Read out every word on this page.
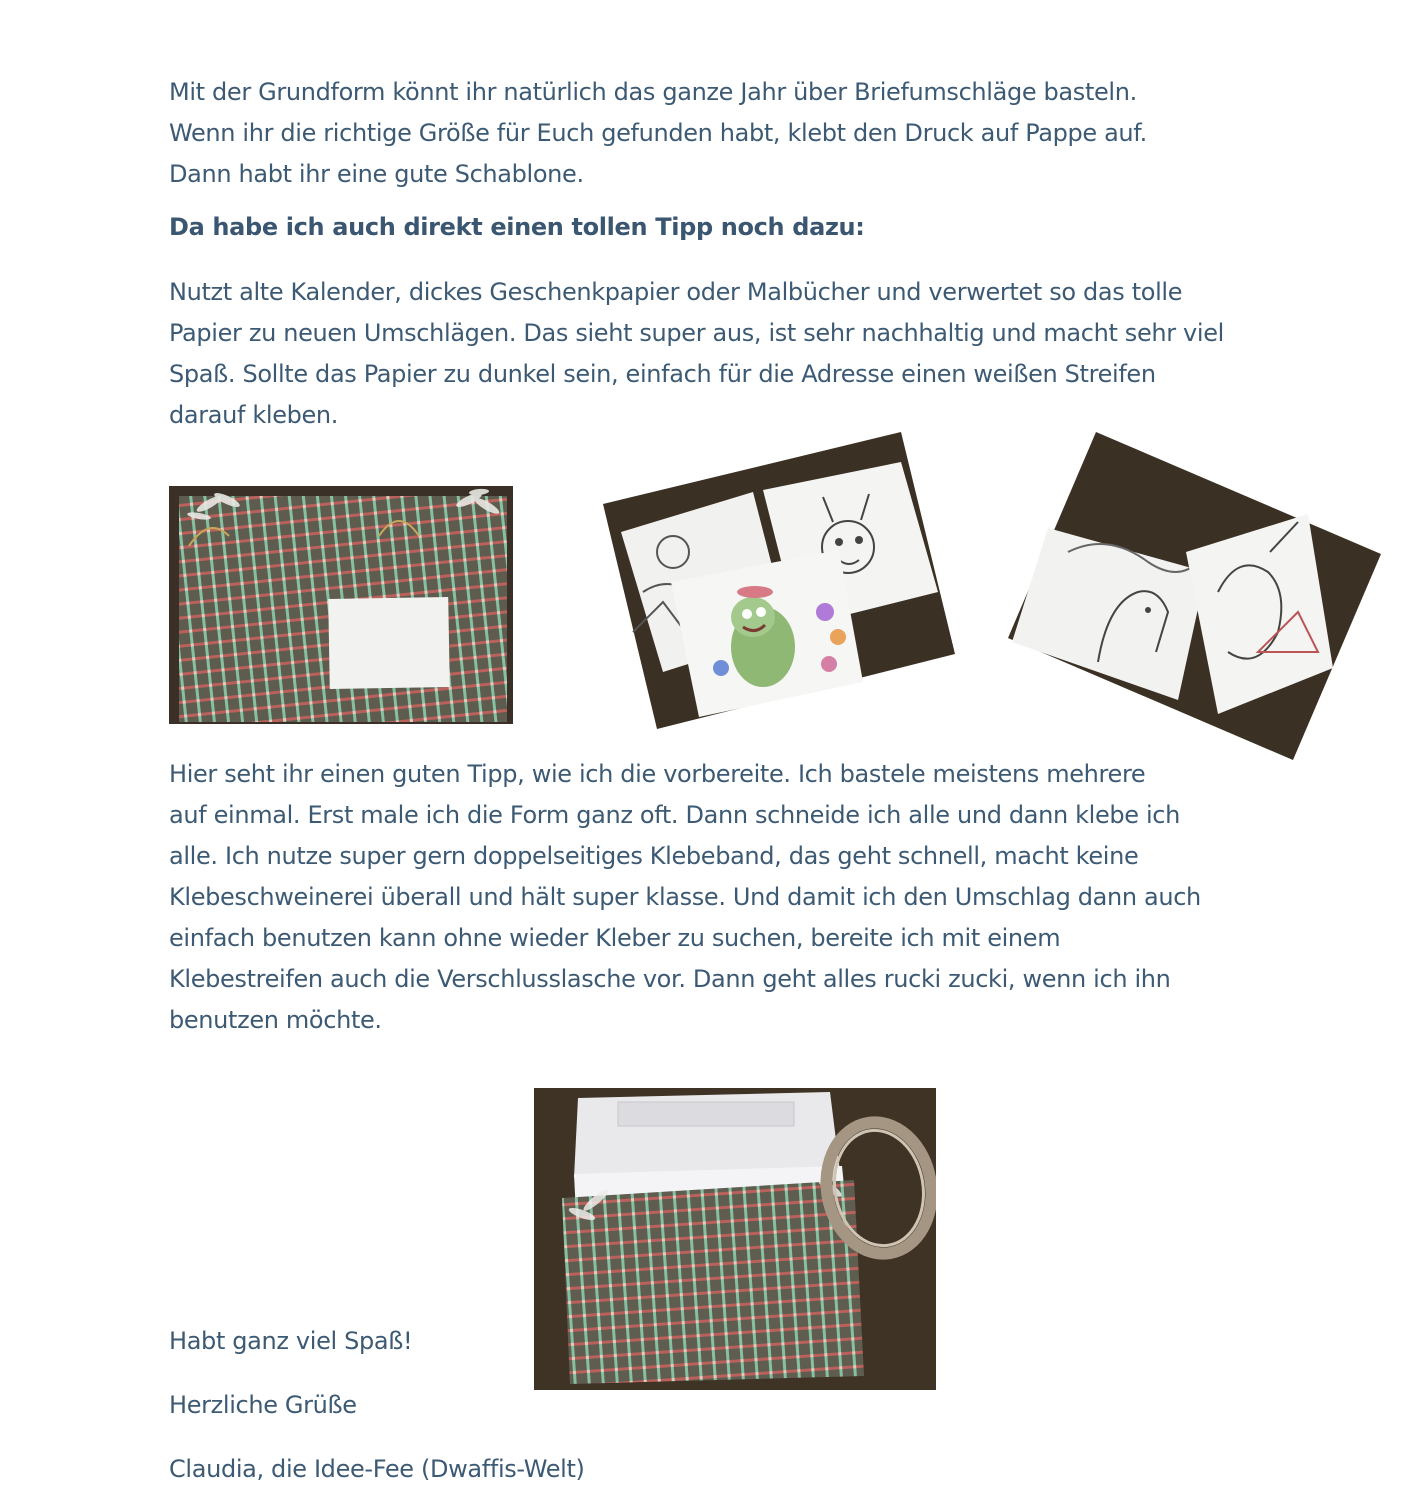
Mit der Grundform könnt ihr natürlich das ganze Jahr über Briefumschläge basteln.
Wenn ihr die richtige Größe für Euch gefunden habt, klebt den Druck auf Pappe auf.
Dann habt ihr eine gute Schablone.

Da habe ich auch direkt einen tollen Tipp noch dazu:

Nutzt alte Kalender, dickes Geschenkpapier oder Malbücher und verwertet so das tolle
Papier zu neuen Umschlägen. Das sieht super aus, ist sehr nachhaltig und macht sehr viel
Spaß. Sollte das Papier zu dunkel sein, einfach für die Adresse einen weißen Streifen
darauf kleben.

Hier seht ihr einen guten Tipp, wie ich die vorbereite. Ich bastele meistens mehrere
auf einmal. Erst male ich die Form ganz oft. Dann schneide ich alle und dann klebe ich
alle. Ich nutze super gern doppelseitiges Klebeband, das geht schnell, macht keine
Klebeschweinerei überall und hält super klasse. Und damit ich den Umschlag dann auch
einfach benutzen kann ohne wieder Kleber zu suchen, bereite ich mit einem
Klebestreifen auch die Verschlusslasche vor. Dann geht alles rucki zucki, wenn ich ihn
benutzen möchte.

Habt ganz viel Spaß!

Herzliche Grüße

Claudia, die Idee-Fee (Dwaffis-Welt)
